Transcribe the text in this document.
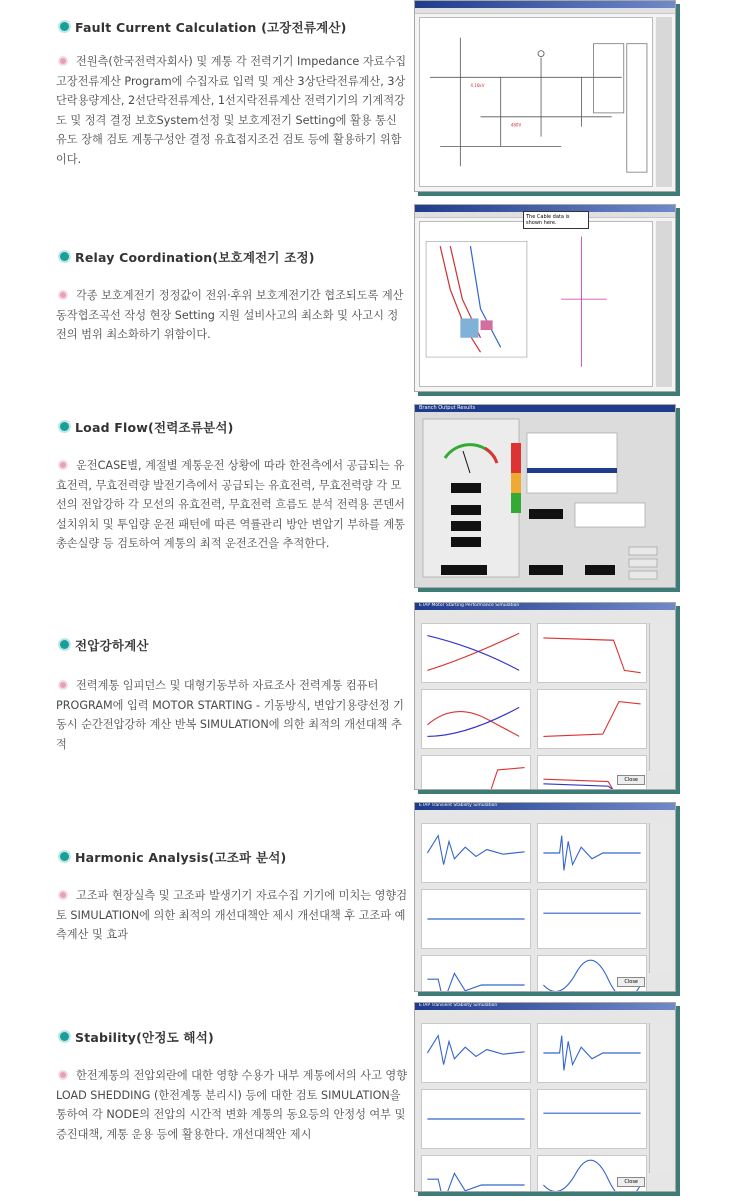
Fault Current Calculation (고장전류계산)
전원측(한국전력자회사) 및 계통 각 전력기기 Impedance 자료수집 고장전류계산 Program에 수집자료 입력 및 계산 3상단락전류계산, 3상단락용량계산, 2선단락전류계산, 1선지락전류계산 전력기기의 기계적강도 및 정격 결정 보호System선정 및 보호계전기 Setting에 활용 통신 유도 장해 검토 계통구성안 결정 유효접지조건 검토 등에 활용하기 위함이다.
4.16kV
480V
Relay Coordination(보호계전기 조정)
각종 보호계전기 정정값이 전위·후위 보호계전기간 협조되도록 계산 동작협조곡선 작성 현장 Setting 지원 설비사고의 최소화 및 사고시 정전의 범위 최소화하기 위함이다.
The Cable data is shown here.
Load Flow(전력조류분석)
운전CASE별, 계절별 계통운전 상황에 따라 한전측에서 공급되는 유효전력, 무효전력량 발전기측에서 공급되는 유효전력, 무효전력량 각 모선의 전압강하 각 모선의 유효전력, 무효전력 흐름도 분석 전력용 콘덴서 설치위치 및 투입량 운전 패턴에 따른 역률관리 방안 변압기 부하를 계통 총손실량 등 검토하여 계통의 최적 운전조건을 추적한다.
Branch Output Results
전압강하계산
전력계통 임피던스 및 대형기동부하 자료조사 전력계통 컴퓨터 PROGRAM에 입력 MOTOR STARTING - 기동방식, 변압기용량선정 기동시 순간전압강하 계산 반복 SIMULATION에 의한 최적의 개선대책 추적
ETAP Motor Starting Performance Simulation
Close
Harmonic Analysis(고조파 분석)
고조파 현장실측 및 고조파 발생기기 자료수집 기기에 미치는 영향검토 SIMULATION에 의한 최적의 개선대책안 제시 개선대책 후 고조파 예측계산 및 효과
ETAP Transient Stability Simulation
Close
Stability(안정도 해석)
한전계통의 전압외란에 대한 영향 수용가 내부 계통에서의 사고 영향 LOAD SHEDDING (한전계통 분리시) 등에 대한 검토 SIMULATION을 통하여 각 NODE의 전압의 시간적 변화 계통의 동요등의 안정성 여부 및 증진대책, 계통 운용 등에 활용한다. 개선대책안 제시
ETAP Transient Stability Simulation
Close
